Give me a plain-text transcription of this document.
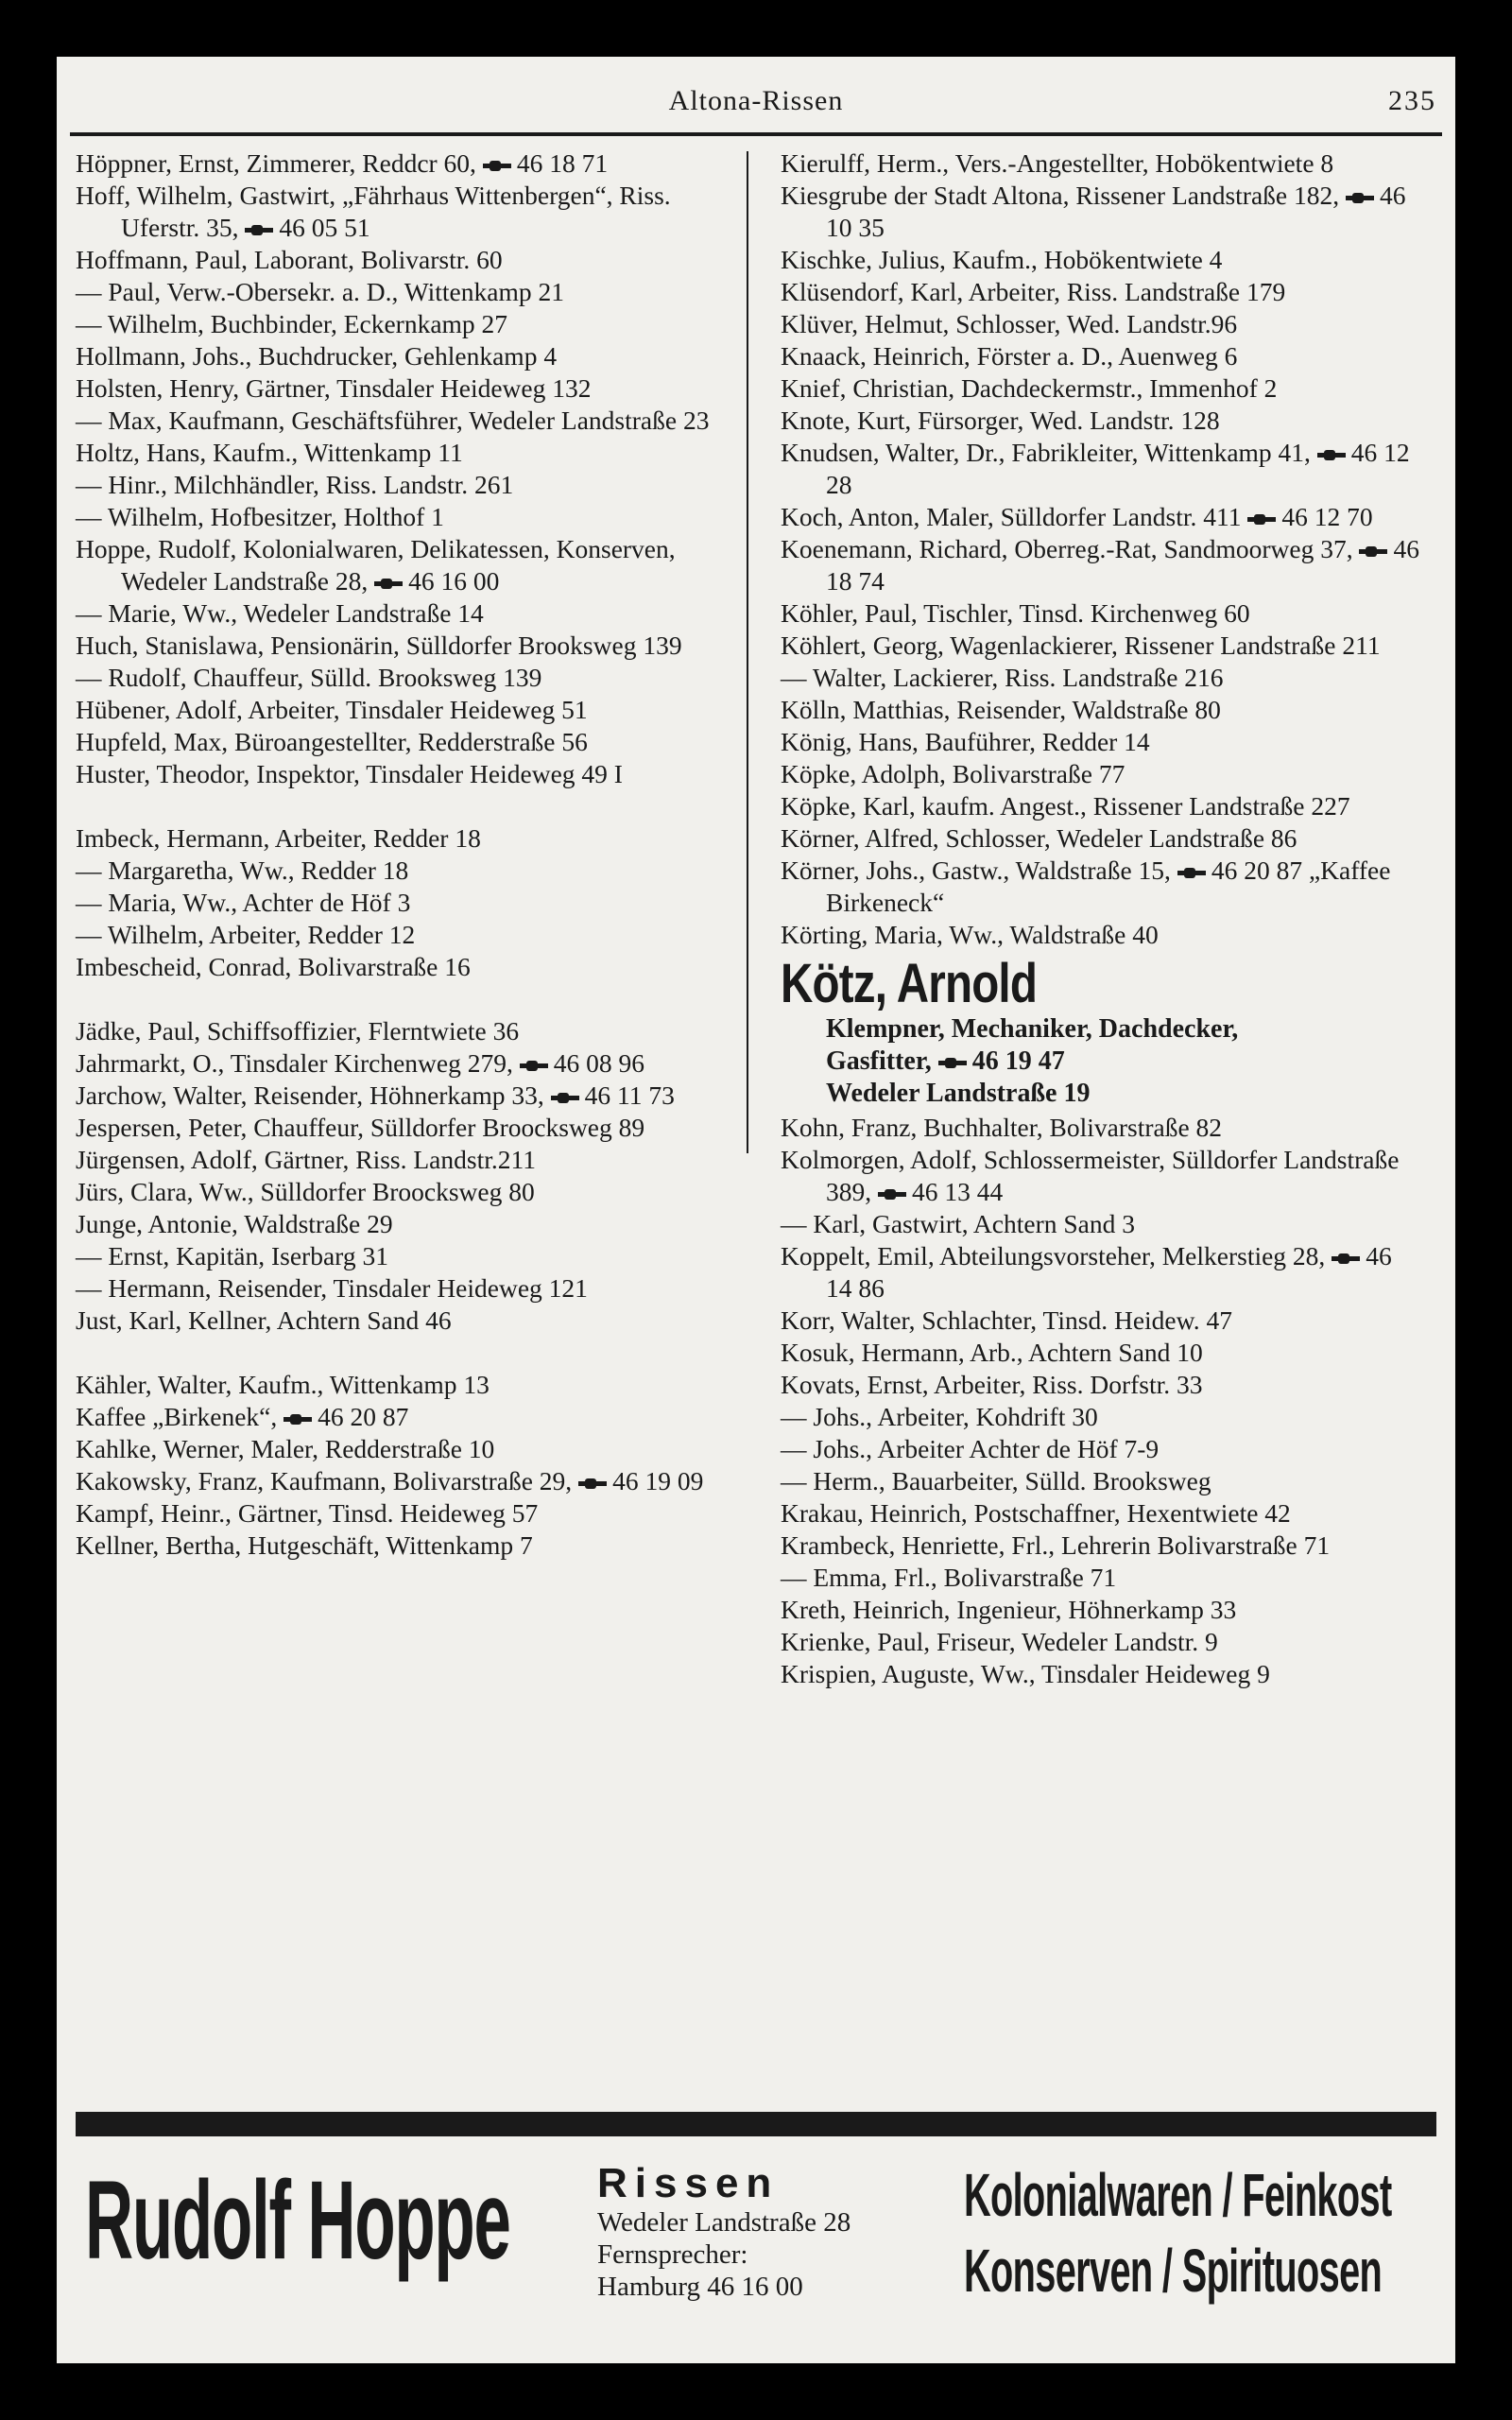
Altona-Rissen	235
Höppner, Ernst, Zimmerer, Reddcr 60, 46 18 71
Hoff, Wilhelm, Gastwirt, „Fährhaus Wittenbergen“, Riss. Uferstr. 35, 46 05 51
Hoffmann, Paul, Laborant, Bolivarstr. 60
— Paul, Verw.-Obersekr. a. D., Wittenkamp 21
— Wilhelm, Buchbinder, Eckernkamp 27
Hollmann, Johs., Buchdrucker, Gehlenkamp 4
Holsten, Henry, Gärtner, Tinsdaler Heideweg 132
— Max, Kaufmann, Geschäftsführer, Wedeler Landstraße 23
Holtz, Hans, Kaufm., Wittenkamp 11
— Hinr., Milchhändler, Riss. Landstr. 261
— Wilhelm, Hofbesitzer, Holthof 1
Hoppe, Rudolf, Kolonialwaren, Delikatessen, Konserven, Wedeler Landstraße 28, 46 16 00
— Marie, Ww., Wedeler Landstraße 14
Huch, Stanislawa, Pensionärin, Sülldorfer Brooksweg 139
— Rudolf, Chauffeur, Sülld. Brooksweg 139
Hübener, Adolf, Arbeiter, Tinsdaler Heideweg 51
Hupfeld, Max, Büroangestellter, Redderstraße 56
Huster, Theodor, Inspektor, Tinsdaler Heideweg 49 I
Imbeck, Hermann, Arbeiter, Redder 18
— Margaretha, Ww., Redder 18
— Maria, Ww., Achter de Höf 3
— Wilhelm, Arbeiter, Redder 12
Imbescheid, Conrad, Bolivarstraße 16
Jädke, Paul, Schiffsoffizier, Flerntwiete 36
Jahrmarkt, O., Tinsdaler Kirchenweg 279, 46 08 96
Jarchow, Walter, Reisender, Höhnerkamp 33, 46 11 73
Jespersen, Peter, Chauffeur, Sülldorfer Broocksweg 89
Jürgensen, Adolf, Gärtner, Riss. Landstr.211
Jürs, Clara, Ww., Sülldorfer Broocksweg 80
Junge, Antonie, Waldstraße 29
— Ernst, Kapitän, Iserbarg 31
— Hermann, Reisender, Tinsdaler Heideweg 121
Just, Karl, Kellner, Achtern Sand 46
Kähler, Walter, Kaufm., Wittenkamp 13
Kaffee „Birkenek“, 46 20 87
Kahlke, Werner, Maler, Redderstraße 10
Kakowsky, Franz, Kaufmann, Bolivarstraße 29, 46 19 09
Kampf, Heinr., Gärtner, Tinsd. Heideweg 57
Kellner, Bertha, Hutgeschäft, Wittenkamp 7
Kierulff, Herm., Vers.-Angestellter, Hobökentwiete 8
Kiesgrube der Stadt Altona, Rissener Landstraße 182, 46 10 35
Kischke, Julius, Kaufm., Hobökentwiete 4
Klüsendorf, Karl, Arbeiter, Riss. Landstraße 179
Klüver, Helmut, Schlosser, Wed. Landstr.96
Knaack, Heinrich, Förster a. D., Auenweg 6
Knief, Christian, Dachdeckermstr., Immenhof 2
Knote, Kurt, Fürsorger, Wed. Landstr. 128
Knudsen, Walter, Dr., Fabrikleiter, Wittenkamp 41, 46 12 28
Koch, Anton, Maler, Sülldorfer Landstr. 411 46 12 70
Koenemann, Richard, Oberreg.-Rat, Sandmoorweg 37, 46 18 74
Köhler, Paul, Tischler, Tinsd. Kirchenweg 60
Köhlert, Georg, Wagenlackierer, Rissener Landstraße 211
— Walter, Lackierer, Riss. Landstraße 216
Kölln, Matthias, Reisender, Waldstraße 80
König, Hans, Bauführer, Redder 14
Köpke, Adolph, Bolivarstraße 77
Köpke, Karl, kaufm. Angest., Rissener Landstraße 227
Körner, Alfred, Schlosser, Wedeler Landstraße 86
Körner, Johs., Gastw., Waldstraße 15, 46 20 87 „Kaffee Birkeneck“
Körting, Maria, Ww., Waldstraße 40
Kötz, Arnold
Klempner, Mechaniker, Dachdecker,
Gasfitter, 46 19 47
Wedeler Landstraße 19
Kohn, Franz, Buchhalter, Bolivarstraße 82
Kolmorgen, Adolf, Schlossermeister, Sülldorfer Landstraße 389, 46 13 44
— Karl, Gastwirt, Achtern Sand 3
Koppelt, Emil, Abteilungsvorsteher, Melkerstieg 28, 46 14 86
Korr, Walter, Schlachter, Tinsd. Heidew. 47
Kosuk, Hermann, Arb., Achtern Sand 10
Kovats, Ernst, Arbeiter, Riss. Dorfstr. 33
— Johs., Arbeiter, Kohdrift 30
— Johs., Arbeiter Achter de Höf 7-9
— Herm., Bauarbeiter, Sülld. Brooksweg
Krakau, Heinrich, Postschaffner, Hexentwiete 42
Krambeck, Henriette, Frl., Lehrerin Bolivarstraße 71
— Emma, Frl., Bolivarstraße 71
Kreth, Heinrich, Ingenieur, Höhnerkamp 33
Krienke, Paul, Friseur, Wedeler Landstr. 9
Krispien, Auguste, Ww., Tinsdaler Heideweg 9
Rudolf Hoppe Rissen
Wedeler Landstraße 28
Fernsprecher:
Hamburg 46 16 00
Kolonialwaren / Feinkost
Konserven / Spirituosen
